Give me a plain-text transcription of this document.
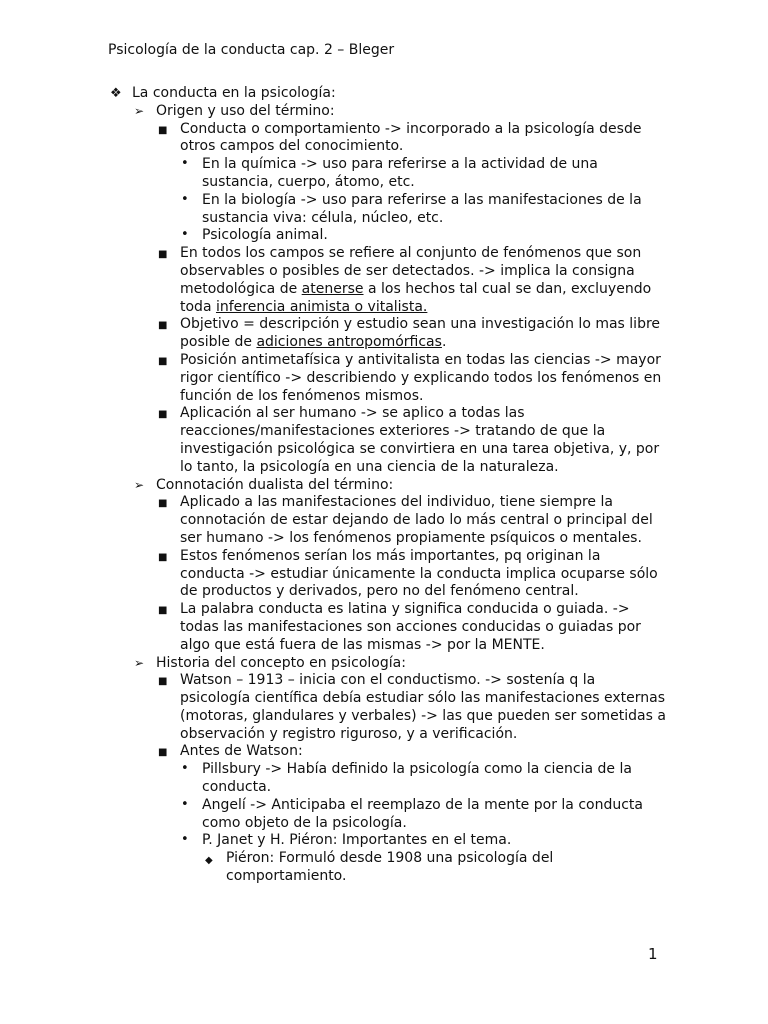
Psicología de la conducta cap. 2 – Bleger
❖ La conducta en la psicología:
➢ Origen y uso del término:
■ Conducta o comportamiento -> incorporado a la psicología desde otros campos del conocimiento.
• En la química -> uso para referirse a la actividad de una sustancia, cuerpo, átomo, etc.
• En la biología -> uso para referirse a las manifestaciones de la sustancia viva: célula, núcleo, etc.
• Psicología animal.
■ En todos los campos se refiere al conjunto de fenómenos que son observables o posibles de ser detectados. -> implica la consigna metodológica de atenerse a los hechos tal cual se dan, excluyendo toda inferencia animista o vitalista.
■ Objetivo = descripción y estudio sean una investigación lo mas libre posible de adiciones antropomórficas.
■ Posición antimetafísica y antivitalista en todas las ciencias -> mayor rigor científico -> describiendo y explicando todos los fenómenos en función de los fenómenos mismos.
■ Aplicación al ser humano -> se aplico a todas las reacciones/manifestaciones exteriores -> tratando de que la investigación psicológica se convirtiera en una tarea objetiva, y, por lo tanto, la psicología en una ciencia de la naturaleza.
➢ Connotación dualista del término:
■ Aplicado a las manifestaciones del individuo, tiene siempre la connotación de estar dejando de lado lo más central o principal del ser humano -> los fenómenos propiamente psíquicos o mentales.
■ Estos fenómenos serían los más importantes, pq originan la conducta -> estudiar únicamente la conducta implica ocuparse sólo de productos y derivados, pero no del fenómeno central.
■ La palabra conducta es latina y significa conducida o guiada. -> todas las manifestaciones son acciones conducidas o guiadas por algo que está fuera de las mismas -> por la MENTE.
➢ Historia del concepto en psicología:
■ Watson – 1913 – inicia con el conductismo. -> sostenía q la psicología científica debía estudiar sólo las manifestaciones externas (motoras, glandulares y verbales) -> las que pueden ser sometidas a observación y registro riguroso, y a verificación.
■ Antes de Watson:
• Pillsbury -> Había definido la psicología como la ciencia de la conducta.
• Angelí -> Anticipaba el reemplazo de la mente por la conducta como objeto de la psicología.
• P. Janet y H. Piéron: Importantes en el tema.
◆ Piéron: Formuló desde 1908 una psicología del comportamiento.
1
